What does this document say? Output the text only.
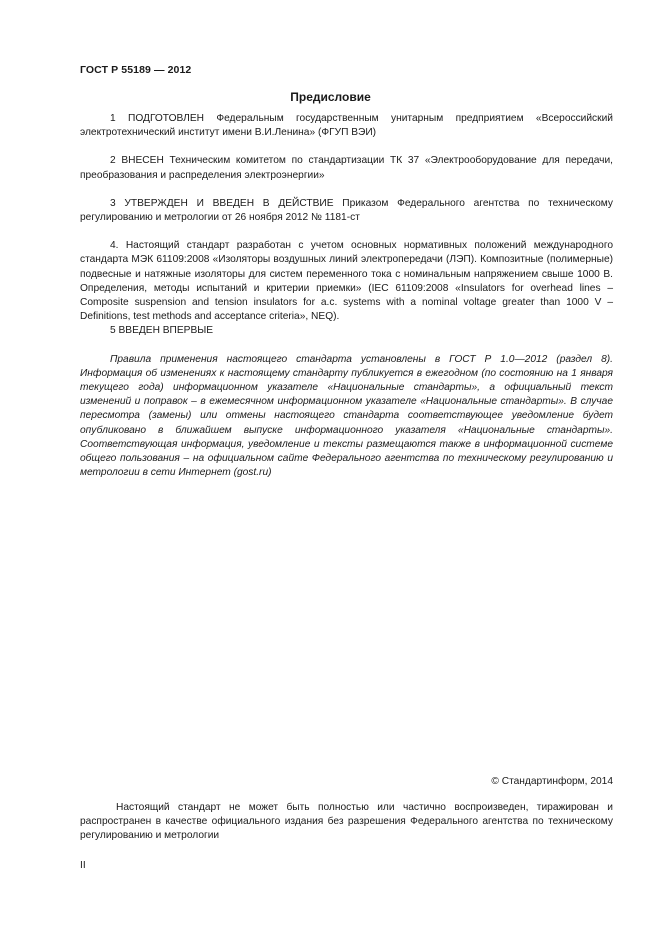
ГОСТ Р 55189 — 2012
Предисловие

1 ПОДГОТОВЛЕН Федеральным государственным унитарным предприятием «Всероссийский электротехнический институт имени В.И.Ленина» (ФГУП ВЭИ)

2 ВНЕСЕН Техническим комитетом по стандартизации ТК 37 «Электрооборудование для передачи, преобразования и распределения электроэнергии»

3 УТВЕРЖДЕН И ВВЕДЕН В ДЕЙСТВИЕ Приказом Федерального агентства по техническому регулированию и метрологии от 26 ноября 2012 № 1181-ст

4. Настоящий стандарт разработан с учетом основных нормативных положений международного стандарта МЭК 61109:2008 «Изоляторы воздушных линий электропередачи (ЛЭП). Композитные (полимерные) подвесные и натяжные изоляторы для систем переменного тока с номинальным напряжением свыше 1000 В. Определения, методы испытаний и критерии приемки» (IEC 61109:2008 «Insulators for overhead lines – Composite suspension and tension insulators for a.c. systems with a nominal voltage greater than 1000 V – Definitions, test methods and acceptance criteria», NEQ).

5 ВВЕДЕН ВПЕРВЫЕ

Правила применения настоящего стандарта установлены в ГОСТ Р 1.0—2012 (раздел 8). Информация об изменениях к настоящему стандарту публикуется в ежегодном (по состоянию на 1 января текущего года) информационном указателе «Национальные стандарты», а официальный текст изменений и поправок – в ежемесячном информационном указателе «Национальные стандарты». В случае пересмотра (замены) или отмены настоящего стандарта соответствующее уведомление будет опубликовано в ближайшем выпуске информационного указателя «Национальные стандарты». Соответствующая информация, уведомление и тексты размещаются также в информационной системе общего пользования – на официальном сайте Федерального агентства по техническому регулированию и метрологии в сети Интернет (gost.ru)

© Стандартинформ, 2014

Настоящий стандарт не может быть полностью или частично воспроизведен, тиражирован и распространен в качестве официального издания без разрешения Федерального агентства по техническому регулированию и метрологии

II
